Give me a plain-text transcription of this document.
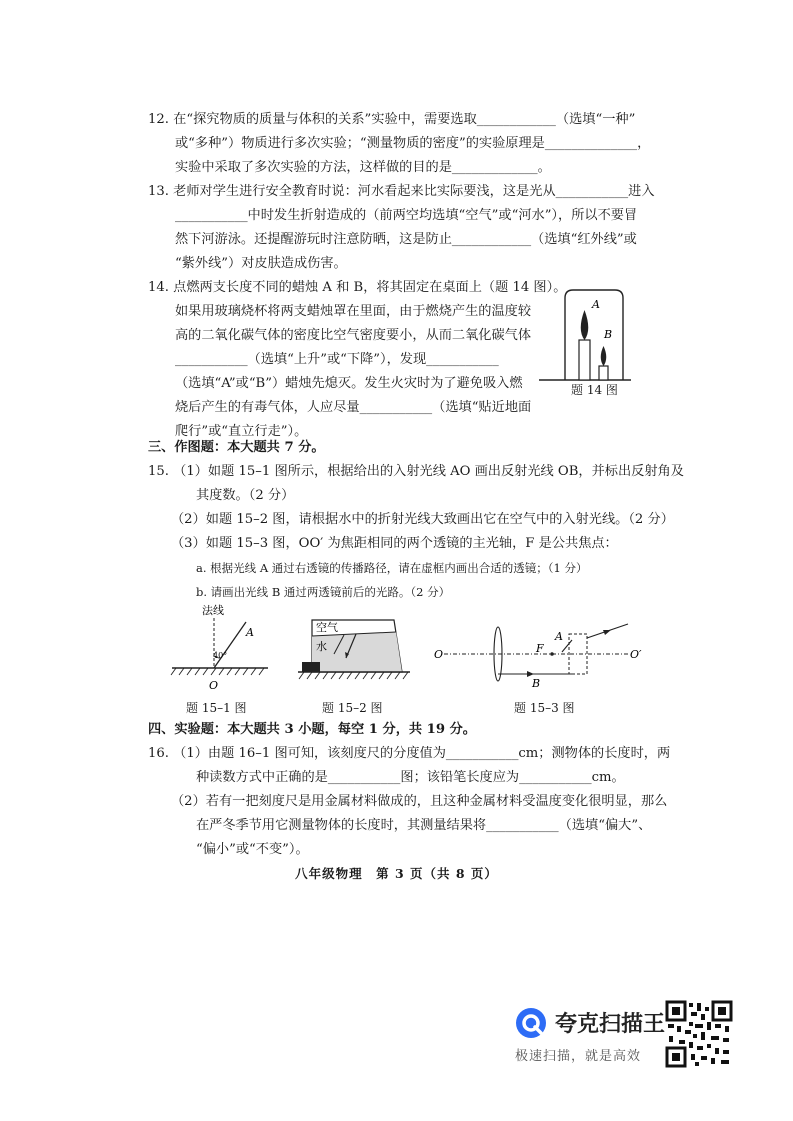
12. 在“探究物质的质量与体积的关系”实验中，需要选取____________（选填“一种”
或“多种”）物质进行多次实验；“测量物质的密度”的实验原理是______________，
实验中采取了多次实验的方法，这样做的目的是_____________。
13. 老师对学生进行安全教育时说：河水看起来比实际要浅，这是光从___________进入
___________中时发生折射造成的（前两空均选填“空气”或“河水”），所以不要冒
然下河游泳。还提醒游玩时注意防晒，这是防止____________（选填“红外线”或
“紫外线”）对皮肤造成伤害。
14. 点燃两支长度不同的蜡烛 A 和 B，将其固定在桌面上（题 14 图）。
如果用玻璃烧杯将两支蜡烛罩在里面，由于燃烧产生的温度较
高的二氧化碳气体的密度比空气密度要小，从而二氧化碳气体
___________（选填“上升”或“下降”），发现___________
（选填“A”或“B”）蜡烛先熄灭。发生火灾时为了避免吸入燃
烧后产生的有毒气体，人应尽量___________（选填“贴近地面
爬行”或“直立行走”）。
A
B
题 14 图
三、作图题：本大题共 7 分。
15. （1）如题 15–1 图所示，根据给出的入射光线 AO 画出反射光线 OB，并标出反射角及
其度数。（2 分）
（2）如题 15–2 图，请根据水中的折射光线大致画出它在空气中的入射光线。（2 分）
（3）如题 15–3 图，OO′ 为焦距相同的两个透镜的主光轴，F 是公共焦点：
a. 根据光线 A 通过右透镜的传播路径，请在虚框内画出合适的透镜；（1 分）
b. 请画出光线 B 通过两透镜前后的光路。（2 分）
法线
40°
A
O
题 15–1 图
空气
水
题 15–2 图
O	O′
F
A
B
题 15–3 图
四、实验题：本大题共 3 小题，每空 1 分，共 19 分。
16. （1）由题 16–1 图可知，该刻度尺的分度值为___________cm；测物体的长度时，两
种读数方式中正确的是___________图；该铅笔长度应为___________cm。
（2）若有一把刻度尺是用金属材料做成的，且这种金属材料受温度变化很明显，那么
在严冬季节用它测量物体的长度时，其测量结果将___________（选填“偏大”、
“偏小”或“不变”）。
八年级物理　第 3 页（共 8 页）
夸克扫描王
极速扫描，就是高效
